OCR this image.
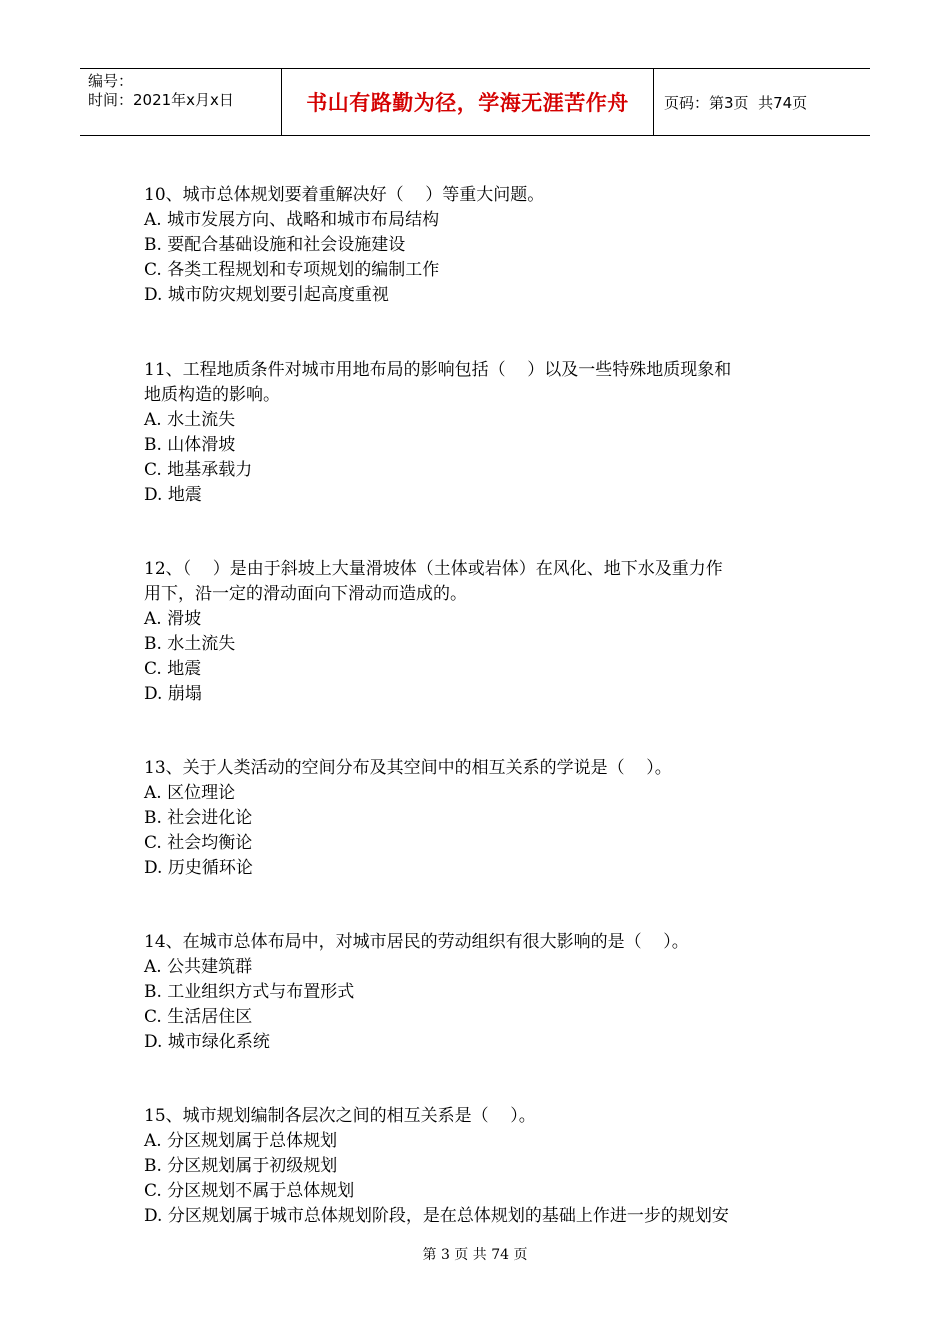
编号：
时间：2021年x月x日	书山有路勤为径，学海无涯苦作舟 页码：第3页  共74页
10、城市总体规划要着重解决好（    ）等重大问题。
A. 城市发展方向、战略和城市布局结构
B. 要配合基础设施和社会设施建设
C. 各类工程规划和专项规划的编制工作
D. 城市防灾规划要引起高度重视
11、工程地质条件对城市用地布局的影响包括（    ）以及一些特殊地质现象和
地质构造的影响。
A. 水土流失
B. 山体滑坡
C. 地基承载力
D. 地震
12、（    ）是由于斜坡上大量滑坡体（土体或岩体）在风化、地下水及重力作
用下，沿一定的滑动面向下滑动而造成的。
A. 滑坡
B. 水土流失
C. 地震
D. 崩塌
13、关于人类活动的空间分布及其空间中的相互关系的学说是（    ）。
A. 区位理论
B. 社会进化论
C. 社会均衡论
D. 历史循环论
14、在城市总体布局中，对城市居民的劳动组织有很大影响的是（    ）。
A. 公共建筑群
B. 工业组织方式与布置形式
C. 生活居住区
D. 城市绿化系统
15、城市规划编制各层次之间的相互关系是（    ）。
A. 分区规划属于总体规划
B. 分区规划属于初级规划
C. 分区规划不属于总体规划
D. 分区规划属于城市总体规划阶段，是在总体规划的基础上作进一步的规划安
第 3 页 共 74 页
